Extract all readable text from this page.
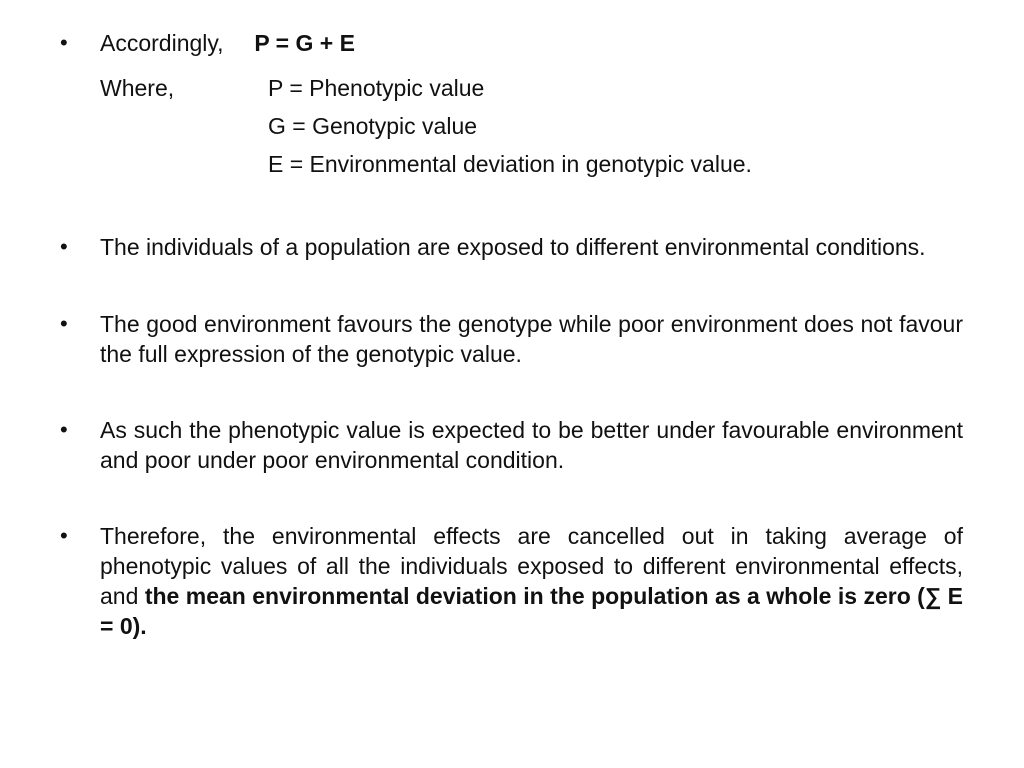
•	Accordingly, P = G + E
Where,	P = Phenotypic value
G = Genotypic value
E = Environmental deviation in genotypic value.
•	The individuals of a population are exposed to different environmental conditions.
•	The good environment favours the genotype while poor environment does not favour the full expression of the genotypic value.
•	As such the phenotypic value is expected to be better under favourable environment and poor under poor environmental condition.
•	Therefore, the environmental effects are cancelled out in taking average of phenotypic values of all the individuals exposed to different environmental effects, and the mean environmental deviation in the population as a whole is zero (∑ E = 0).
